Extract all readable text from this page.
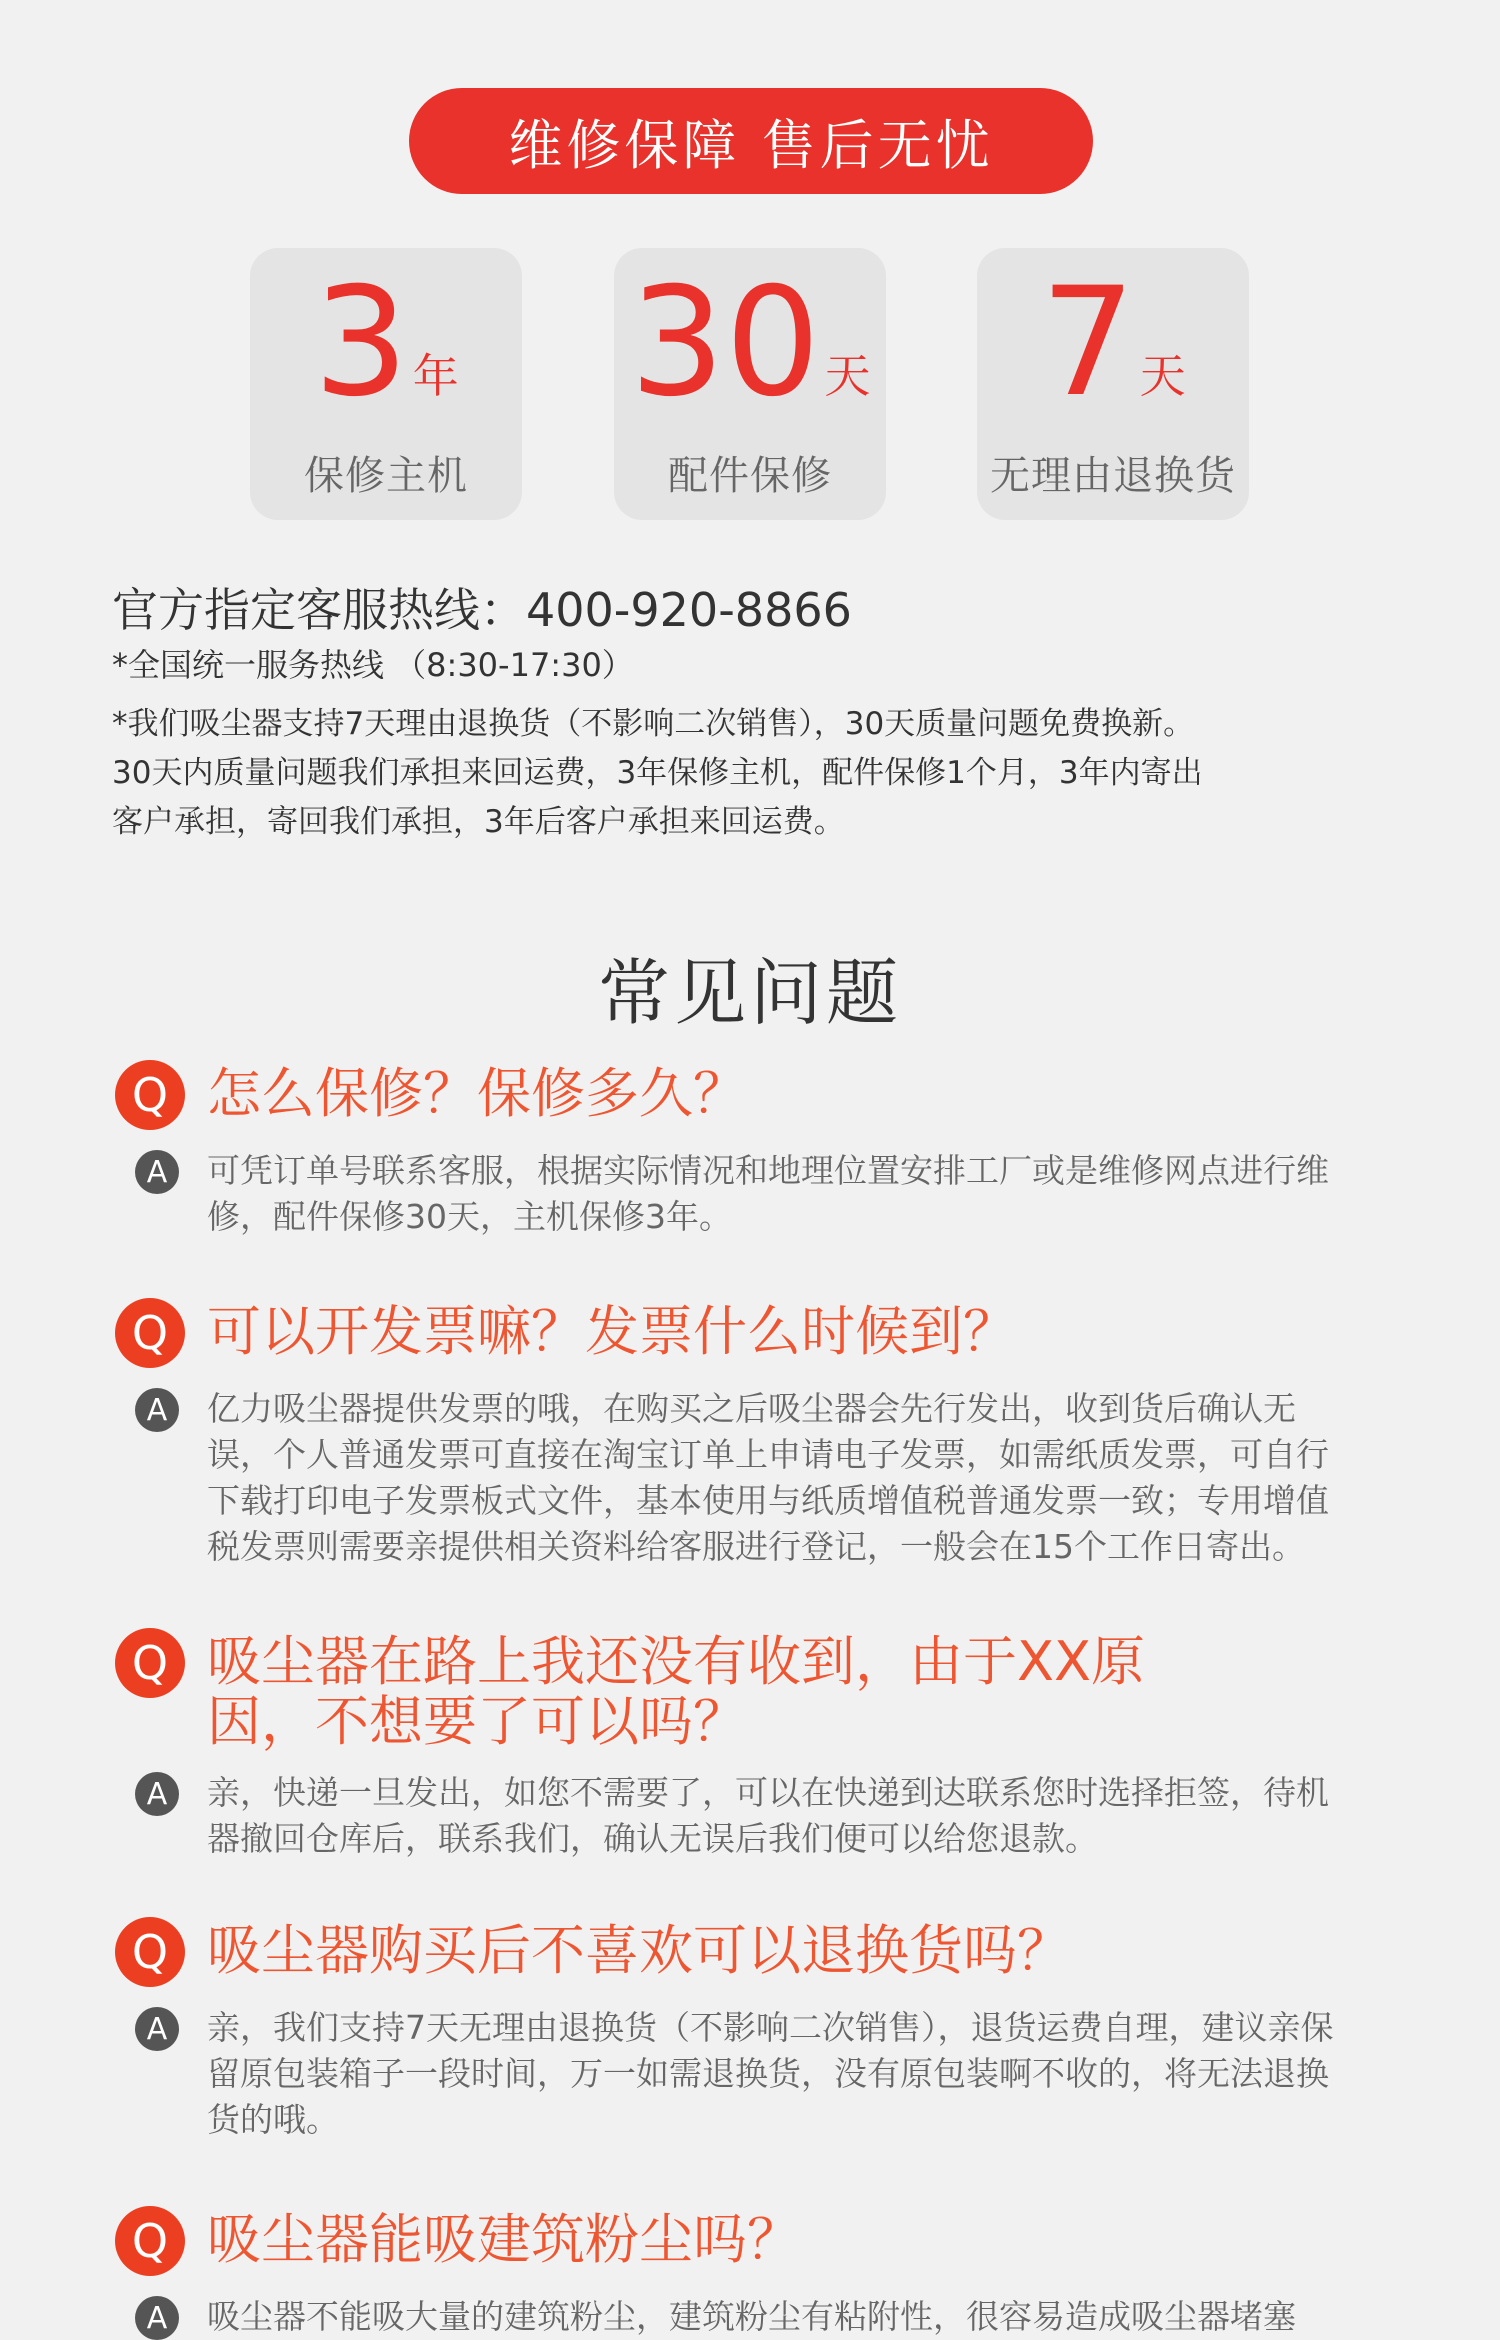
维修保障 售后无忧
3 年
保修主机
30 天
配件保修
7 天
无理由退换货
官方指定客服热线：400-920-8866
*全国统一服务热线 （8:30-17:30）
*我们吸尘器支持7天理由退换货（不影响二次销售），30天质量问题免费换新。30天内质量问题我们承担来回运费，3年保修主机，配件保修1个月，3年内寄出客户承担，寄回我们承担，3年后客户承担来回运费。
常见问题
Q 怎么保修？保修多久？
A	可凭订单号联系客服，根据实际情况和地理位置安排工厂或是维修网点进行维修，配件保修30天，主机保修3年。
Q 可以开发票嘛？发票什么时候到？
A	亿力吸尘器提供发票的哦，在购买之后吸尘器会先行发出，收到货后确认无误，个人普通发票可直接在淘宝订单上申请电子发票，如需纸质发票，可自行下载打印电子发票板式文件，基本使用与纸质增值税普通发票一致；专用增值税发票则需要亲提供相关资料给客服进行登记，一般会在15个工作日寄出。
Q 吸尘器在路上我还没有收到，由于XX原因，不想要了可以吗？
A	亲，快递一旦发出，如您不需要了，可以在快递到达联系您时选择拒签，待机器撤回仓库后，联系我们，确认无误后我们便可以给您退款。
Q 吸尘器购买后不喜欢可以退换货吗？
A	亲，我们支持7天无理由退换货（不影响二次销售），退货运费自理，建议亲保留原包装箱子一段时间，万一如需退换货，没有原包装啊不收的，将无法退换货的哦。
Q 吸尘器能吸建筑粉尘吗？
A	吸尘器不能吸大量的建筑粉尘，建筑粉尘有粘附性，很容易造成吸尘器堵塞
